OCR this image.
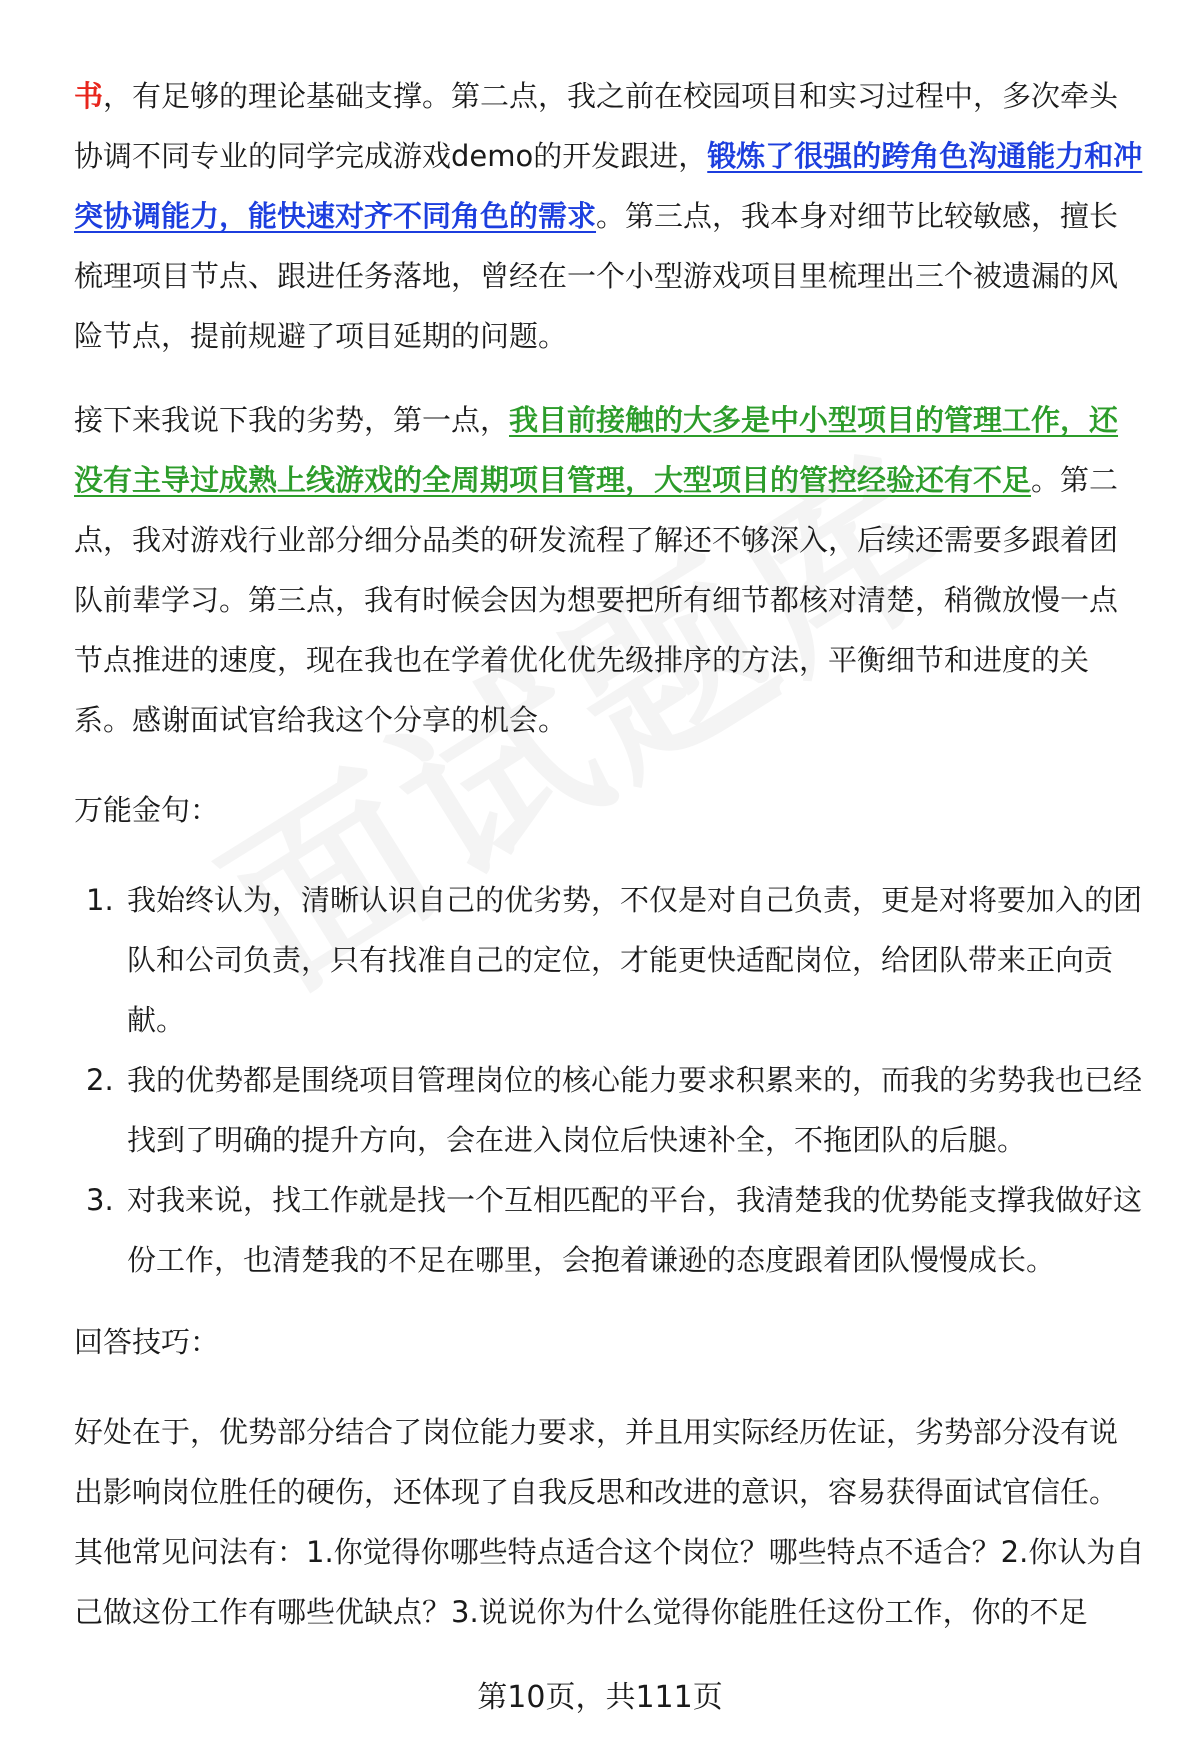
书，有足够的理论基础支撑。第二点，我之前在校园项目和实习过程中，多次牵头协调不同专业的同学完成游戏demo的开发跟进，锻炼了很强的跨角色沟通能力和冲突协调能力，能快速对齐不同角色的需求。第三点，我本身对细节比较敏感，擅长梳理项目节点、跟进任务落地，曾经在一个小型游戏项目里梳理出三个被遗漏的风险节点，提前规避了项目延期的问题。

接下来我说下我的劣势，第一点，我目前接触的大多是中小型项目的管理工作，还没有主导过成熟上线游戏的全周期项目管理，大型项目的管控经验还有不足。第二点，我对游戏行业部分细分品类的研发流程了解还不够深入，后续还需要多跟着团队前辈学习。第三点，我有时候会因为想要把所有细节都核对清楚，稍微放慢一点节点推进的速度，现在我也在学着优化优先级排序的方法，平衡细节和进度的关系。感谢面试官给我这个分享的机会。

万能金句：

1. 我始终认为，清晰认识自己的优劣势，不仅是对自己负责，更是对将要加入的团队和公司负责，只有找准自己的定位，才能更快适配岗位，给团队带来正向贡献。
2. 我的优势都是围绕项目管理岗位的核心能力要求积累来的，而我的劣势我也已经找到了明确的提升方向，会在进入岗位后快速补全，不拖团队的后腿。
3. 对我来说，找工作就是找一个互相匹配的平台，我清楚我的优势能支撑我做好这份工作，也清楚我的不足在哪里，会抱着谦逊的态度跟着团队慢慢成长。

回答技巧：

好处在于，优势部分结合了岗位能力要求，并且用实际经历佐证，劣势部分没有说出影响岗位胜任的硬伤，还体现了自我反思和改进的意识，容易获得面试官信任。其他常见问法有：1.你觉得你哪些特点适合这个岗位？哪些特点不适合？2.你认为自己做这份工作有哪些优缺点？3.说说你为什么觉得你能胜任这份工作，你的不足

第10页，共111页
